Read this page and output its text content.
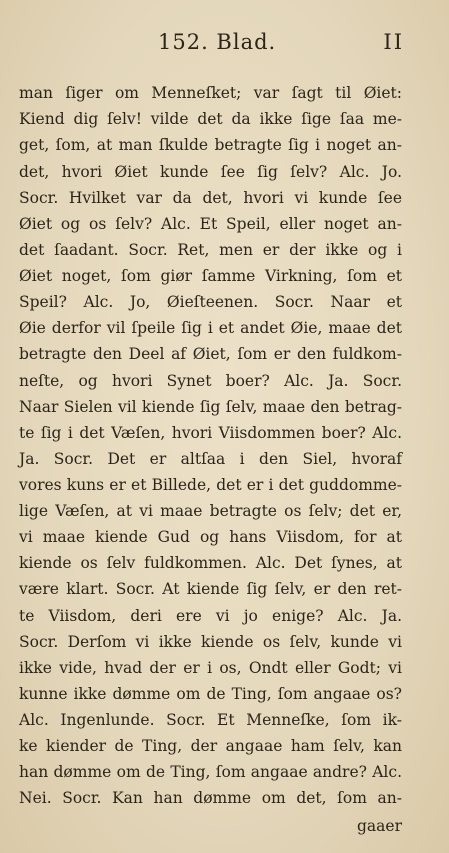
152. Blad.	II
man ſiger om Menneſket; var ſagt til Øiet:
Kiend dig ſelv! vilde det da ikke ſige ſaa me-
get, ſom, at man ſkulde betragte ſig i noget an-
det, hvori Øiet kunde ſee ſig ſelv? Alc. Jo.
Socr. Hvilket var da det, hvori vi kunde ſee
Øiet og os ſelv? Alc. Et Speil, eller noget an-
det ſaadant. Socr. Ret, men er der ikke og i
Øiet noget, ſom giør ſamme Virkning, ſom et
Speil? Alc. Jo, Øieſteenen. Socr. Naar et
Øie derfor vil ſpeile ſig i et andet Øie, maae det
betragte den Deel af Øiet, ſom er den fuldkom-
neſte, og hvori Synet boer? Alc. Ja. Socr.
Naar Sielen vil kiende ſig ſelv, maae den betrag-
te ſig i det Væſen, hvori Viisdommen boer? Alc.
Ja. Socr. Det er altſaa i den Siel, hvoraf
vores kuns er et Billede, det er i det guddomme-
lige Væſen, at vi maae betragte os ſelv; det er,
vi maae kiende Gud og hans Viisdom, for at
kiende os ſelv fuldkommen. Alc. Det ſynes, at
være klart. Socr. At kiende ſig ſelv, er den ret-
te Viisdom, deri ere vi jo enige? Alc. Ja.
Socr. Derſom vi ikke kiende os ſelv, kunde vi
ikke vide, hvad der er i os, Ondt eller Godt; vi
kunne ikke dømme om de Ting, ſom angaae os?
Alc. Ingenlunde. Socr. Et Menneſke, ſom ik-
ke kiender de Ting, der angaae ham ſelv, kan
han dømme om de Ting, ſom angaae andre? Alc.
Nei. Socr. Kan han dømme om det, ſom an-
gaaer
